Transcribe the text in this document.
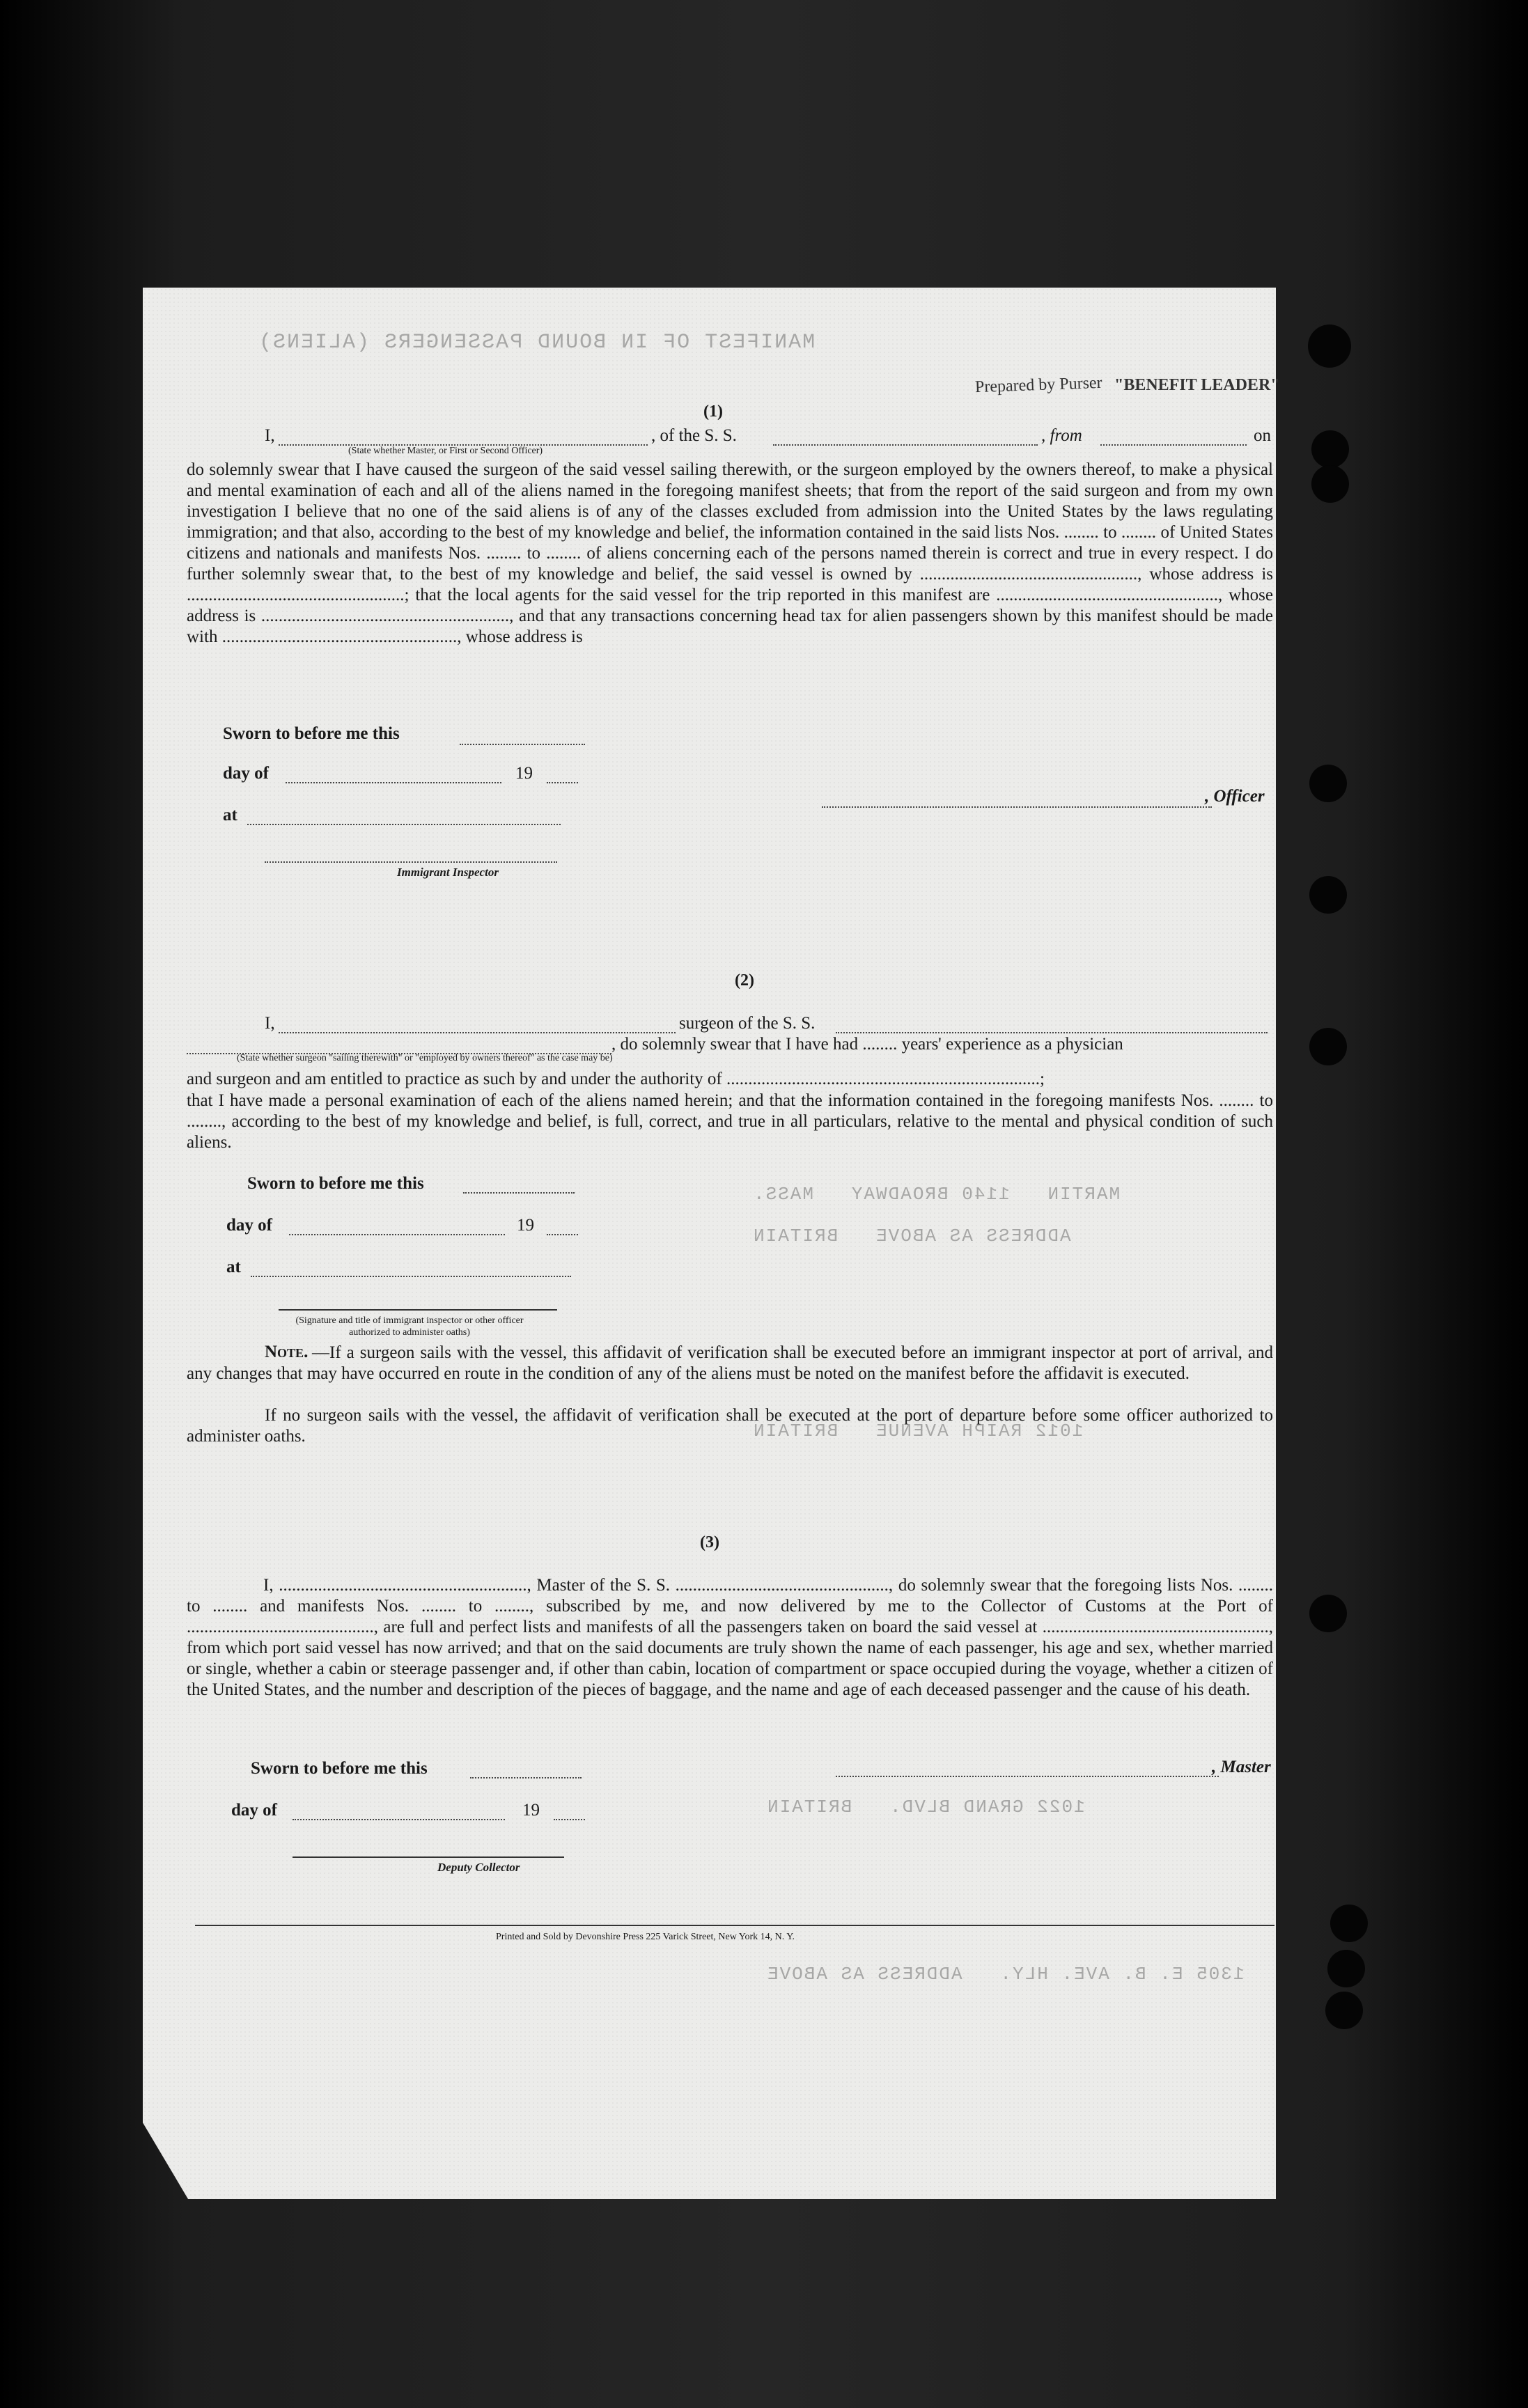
MANIFEST OF IN BOUND PASSENGERS (ALIENS)
MARTIN   1140 BROADWAY   MASS.
ADDRESS AS ABOVE   BRITAIN
1012 RAIPH AVENUE   BRITAIN
1022 GRAND BLVD.   BRITAIN
1305 E. B. AVE. HLY.   ADDRESS AS ABOVE
Prepared by Purser "BENEFIT LEADER"
(1)
I,	, of the S. S.	, from	on
(State whether Master, or First or Second Officer)
do solemnly swear that I have caused the surgeon of the said vessel sailing therewith, or the surgeon employed by the owners thereof, to make a physical and mental examination of each and all of the aliens named in the foregoing manifest sheets; that from the report of the said surgeon and from my own investigation I believe that no one of the said aliens is of any of the classes excluded from admission into the United States by the laws regulating immigration; and that also, according to the best of my knowledge and belief, the information contained in the said lists Nos. ........ to ........ of United States citizens and nationals and manifests Nos. ........ to ........ of aliens concerning each of the persons named therein is correct and true in every respect. I do further solemnly swear that, to the best of my knowledge and belief, the said vessel is owned by .................................................., whose address is ..................................................; that the local agents for the said vessel for the trip reported in this manifest are ..................................................., whose address is ........................................................., and that any transactions concerning head tax for alien passengers shown by this manifest should be made with ......................................................, whose address is
Sworn to before me this
day of	19
, Officer
at
Immigrant Inspector
(2)
I,	surgeon of the S. S.
, do solemnly swear that I have had ........ years' experience as a physician
(State whether surgeon "sailing therewith" or "employed by owners thereof" as the case may be)
and surgeon and am entitled to practice as such by and under the authority of ........................................................................;
that I have made a personal examination of each of the aliens named herein; and that the information contained in the foregoing manifests Nos. ........ to ........, according to the best of my knowledge and belief, is full, correct, and true in all particulars, relative to the mental and physical condition of such aliens.
Sworn to before me this
day of	19
at
(Signature and title of immigrant inspector or other officer authorized to administer oaths)
Note. —If a surgeon sails with the vessel, this affidavit of verification shall be executed before an immigrant inspector at port of arrival, and any changes that may have occurred en route in the condition of any of the aliens must be noted on the manifest before the affidavit is executed.
If no surgeon sails with the vessel, the affidavit of verification shall be executed at the port of departure before some officer authorized to administer oaths.
(3)
I, ........................................................., Master of the S. S. ................................................., do solemnly swear that the foregoing lists Nos. ........ to ........ and manifests Nos. ........ to ........, subscribed by me, and now delivered by me to the Collector of Customs at the Port of ..........................................., are full and perfect lists and manifests of all the passengers taken on board the said vessel at ...................................................., from which port said vessel has now arrived; and that on the said documents are truly shown the name of each passenger, his age and sex, whether married or single, whether a cabin or steerage passenger and, if other than cabin, location of compartment or space occupied during the voyage, whether a citizen of the United States, and the number and description of the pieces of baggage, and the name and age of each deceased passenger and the cause of his death.
Sworn to before me this	, Master
day of	19
Deputy Collector
Printed and Sold by Devonshire Press 225 Varick Street, New York 14, N. Y.
